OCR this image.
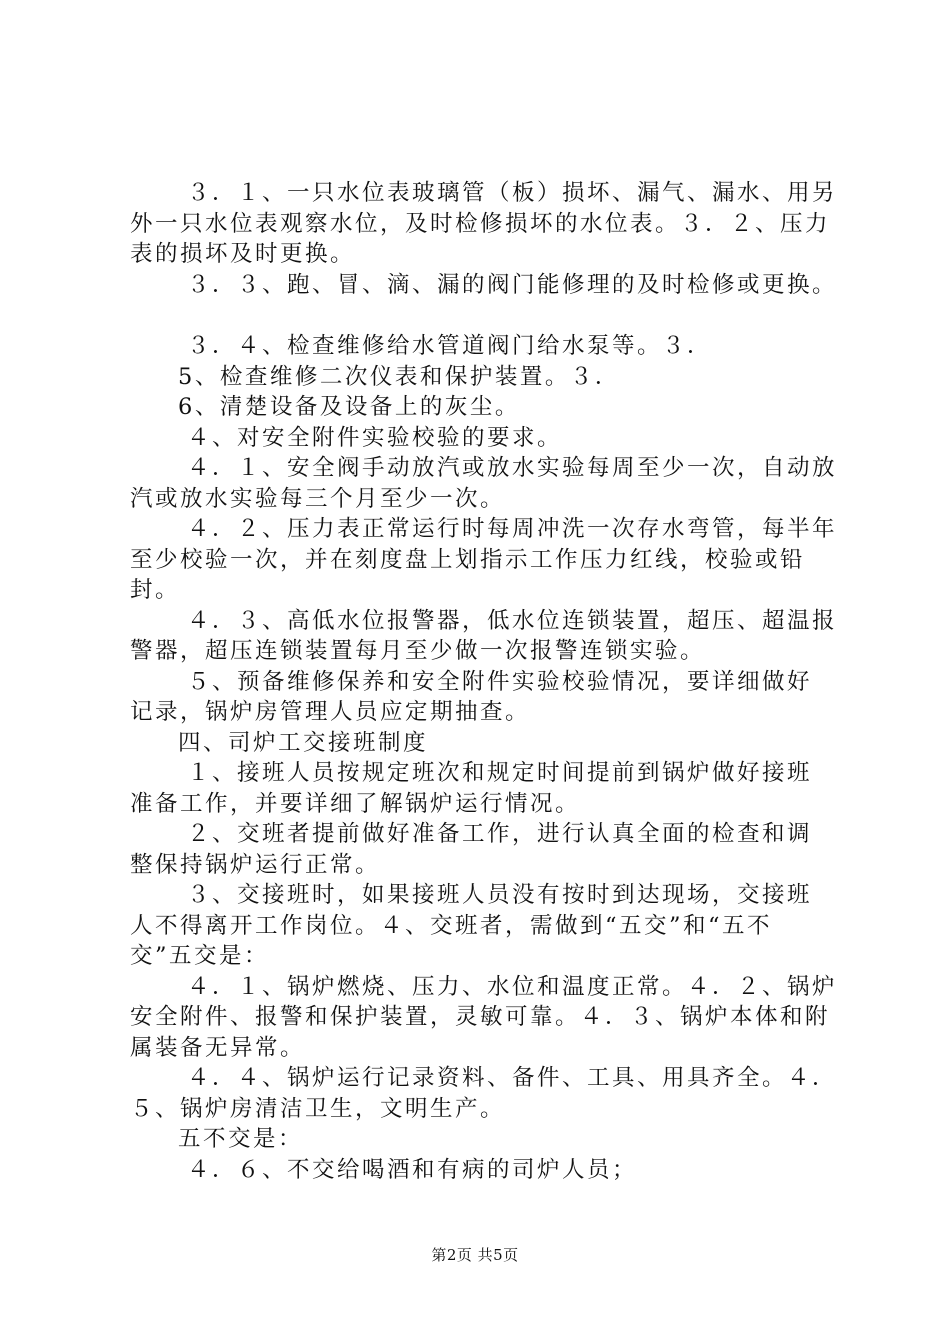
３．１、一只水位表玻璃管（板）损坏、漏气、漏水、用另
外一只水位表观察水位，及时检修损坏的水位表。３．２、压力
表的损坏及时更换。
３．３、跑、冒、滴、漏的阀门能修理的及时检修或更换。
３．４、检查维修给水管道阀门给水泵等。３．
5、检查维修二次仪表和保护装置。３．
6、清楚设备及设备上的灰尘。
４、对安全附件实验校验的要求。
４．１、安全阀手动放汽或放水实验每周至少一次，自动放
汽或放水实验每三个月至少一次。
４．２、压力表正常运行时每周冲洗一次存水弯管，每半年
至少校验一次，并在刻度盘上划指示工作压力红线，校验或铅
封。
４．３、高低水位报警器，低水位连锁装置，超压、超温报
警器，超压连锁装置每月至少做一次报警连锁实验。
５、预备维修保养和安全附件实验校验情况，要详细做好
记录，锅炉房管理人员应定期抽查。
四、司炉工交接班制度
１、接班人员按规定班次和规定时间提前到锅炉做好接班
准备工作，并要详细了解锅炉运行情况。
２、交班者提前做好准备工作，进行认真全面的检查和调
整保持锅炉运行正常。
３、交接班时，如果接班人员没有按时到达现场，交接班
人不得离开工作岗位。４、交班者，需做到“五交”和“五不
交”五交是：
４．１、锅炉燃烧、压力、水位和温度正常。４．２、锅炉
安全附件、报警和保护装置，灵敏可靠。４．３、锅炉本体和附
属装备无异常。
４．４、锅炉运行记录资料、备件、工具、用具齐全。４．
５、锅炉房清洁卫生，文明生产。
五不交是：
４．６、不交给喝酒和有病的司炉人员；
第2页 共5页
